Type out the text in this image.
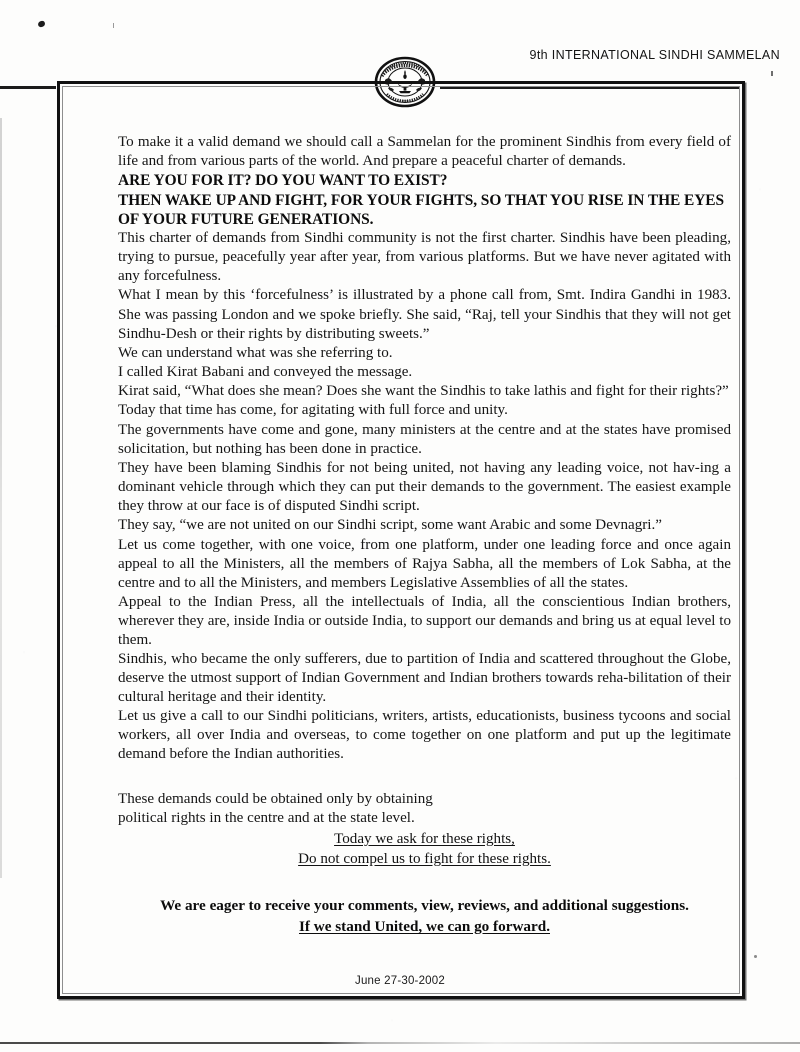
9th INTERNATIONAL SINDHI SAMMELAN
2002

To make it a valid demand we should call a Sammelan for the prominent Sindhis from every field of life and from various parts of the world. And prepare a peaceful charter of demands.

ARE YOU FOR IT? DO YOU WANT TO EXIST?

THEN WAKE UP AND FIGHT, FOR YOUR FIGHTS, SO THAT YOU RISE IN THE EYES OF YOUR FUTURE GENERATIONS.

This charter of demands from Sindhi community is not the first charter. Sindhis have been pleading, trying to pursue, peacefully year after year, from various platforms. But we have never agitated with any forcefulness.

What I mean by this ‘forcefulness’ is illustrated by a phone call from, Smt. Indira Gandhi in 1983. She was passing London and we spoke briefly. She said, “Raj, tell your Sindhis that they will not get Sindhu-Desh or their rights by distributing sweets.”

We can understand what was she referring to.

I called Kirat Babani and conveyed the message.

Kirat said, “What does she mean? Does she want the Sindhis to take lathis and fight for their rights?”

Today that time has come, for agitating with full force and unity.

The governments have come and gone, many ministers at the centre and at the states have promised solicitation, but nothing has been done in practice.

They have been blaming Sindhis for not being united, not having any leading voice, not hav-ing a dominant vehicle through which they can put their demands to the government. The easiest example they throw at our face is of disputed Sindhi script.

They say, “we are not united on our Sindhi script, some want Arabic and some Devnagri.”

Let us come together, with one voice, from one platform, under one leading force and once again appeal to all the Ministers, all the members of Rajya Sabha, all the members of Lok Sabha, at the centre and to all the Ministers, and members Legislative Assemblies of all the states.

Appeal to the Indian Press, all the intellectuals of India, all the conscientious Indian brothers, wherever they are, inside India or outside India, to support our demands and bring us at equal level to them.

Sindhis, who became the only sufferers, due to partition of India and scattered throughout the Globe, deserve the utmost support of Indian Government and Indian brothers towards reha-bilitation of their cultural heritage and their identity.

Let us give a call to our Sindhi politicians, writers, artists, educationists, business tycoons and social workers, all over India and overseas, to come together on one platform and put up the legitimate demand before the Indian authorities.

These demands could be obtained only by obtaining

political rights in the centre and at the state level.

Today we ask for these rights,

Do not compel us to fight for these rights.

We are eager to receive your comments, view, reviews, and additional suggestions.

If we stand United, we can go forward.

June 27-30-2002
